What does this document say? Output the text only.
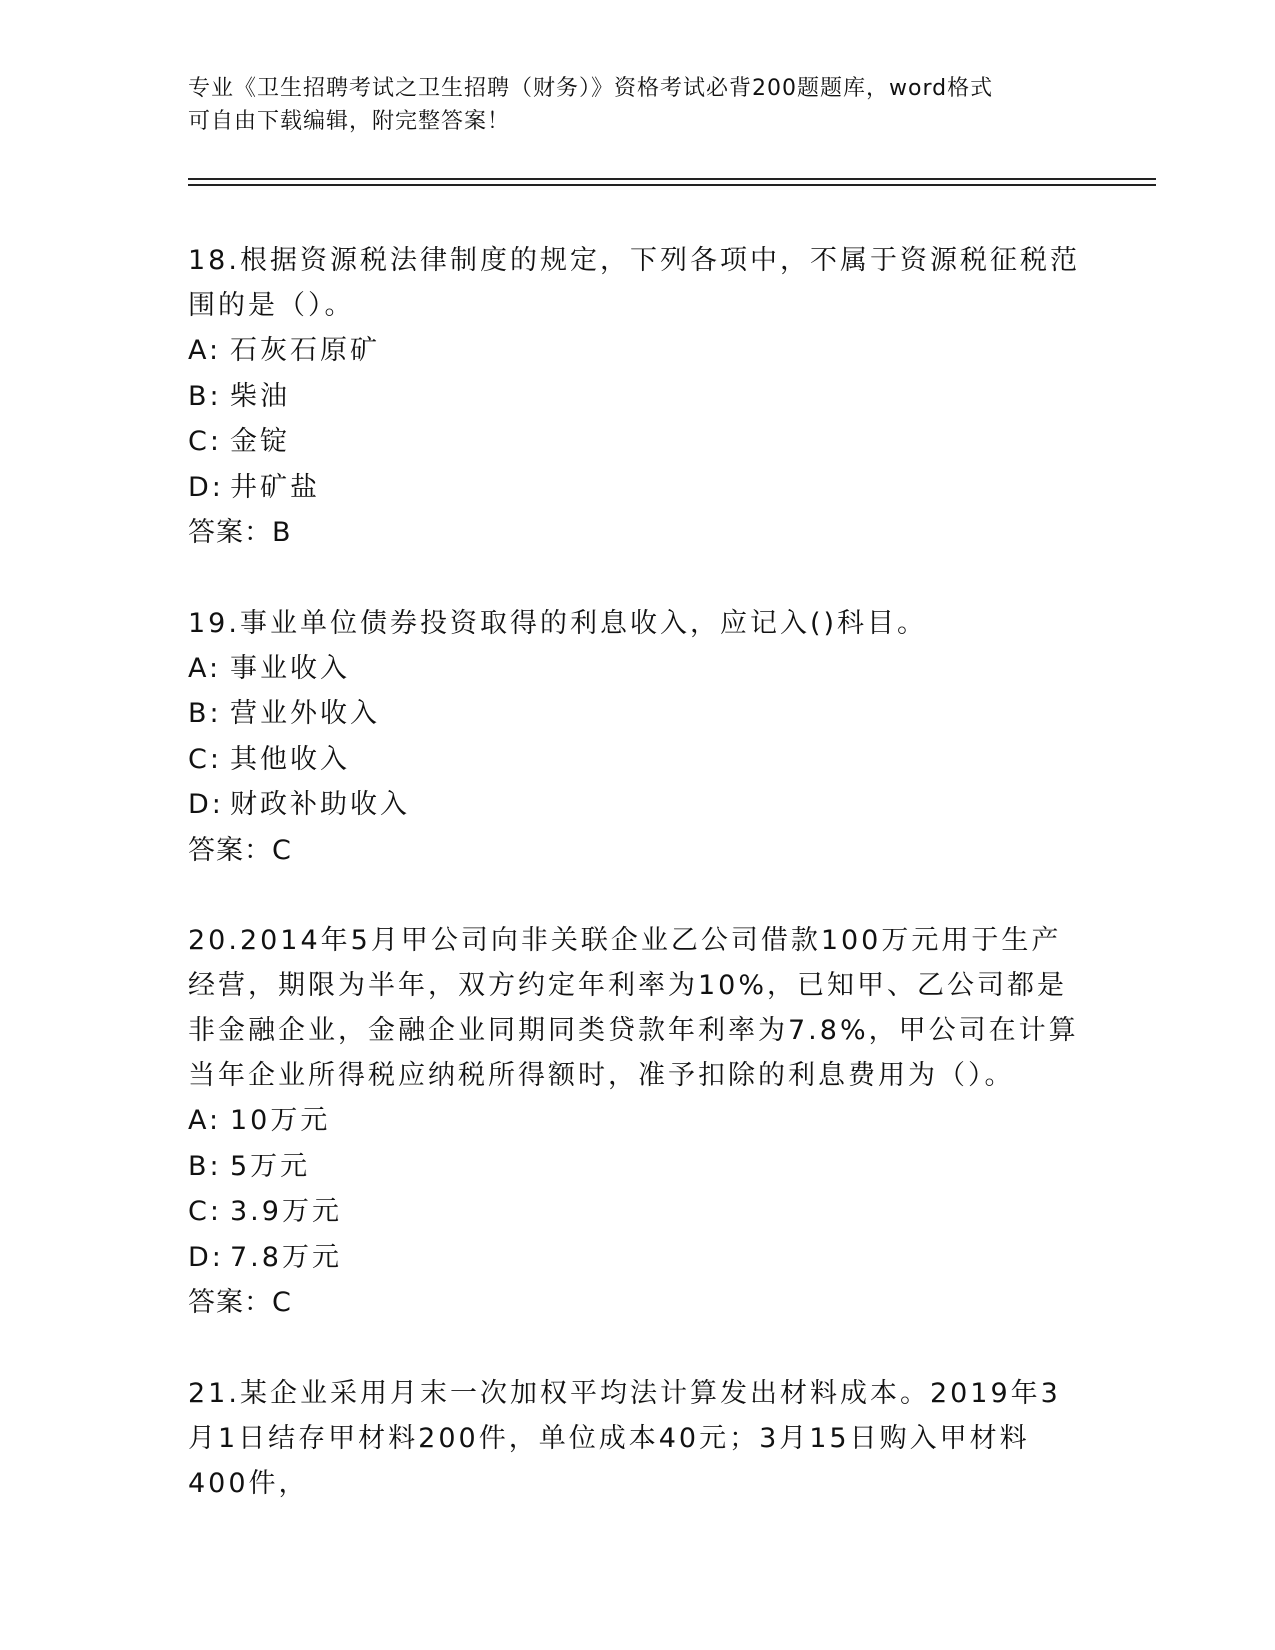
专业《卫生招聘考试之卫生招聘（财务）》资格考试必背200题题库，word格式
可自由下载编辑，附完整答案！

18.根据资源税法律制度的规定，下列各项中，不属于资源税征税范围的是（）。

A: 石灰石原矿
B: 柴油
C: 金锭
D: 井矿盐
答案：B

19.事业单位债券投资取得的利息收入，应记入()科目。

A: 事业收入
B: 营业外收入
C: 其他收入
D: 财政补助收入
答案：C

20.2014年5月甲公司向非关联企业乙公司借款100万元用于生产经营，期限为半年，双方约定年利率为10%，已知甲、乙公司都是非金融企业，金融企业同期同类贷款年利率为7.8%，甲公司在计算当年企业所得税应纳税所得额时，准予扣除的利息费用为（）。

A: 10万元
B: 5万元
C: 3.9万元
D: 7.8万元
答案：C

21.某企业采用月末一次加权平均法计算发出材料成本。2019年3月1日结存甲材料200件，单位成本40元；3月15日购入甲材料400件，
